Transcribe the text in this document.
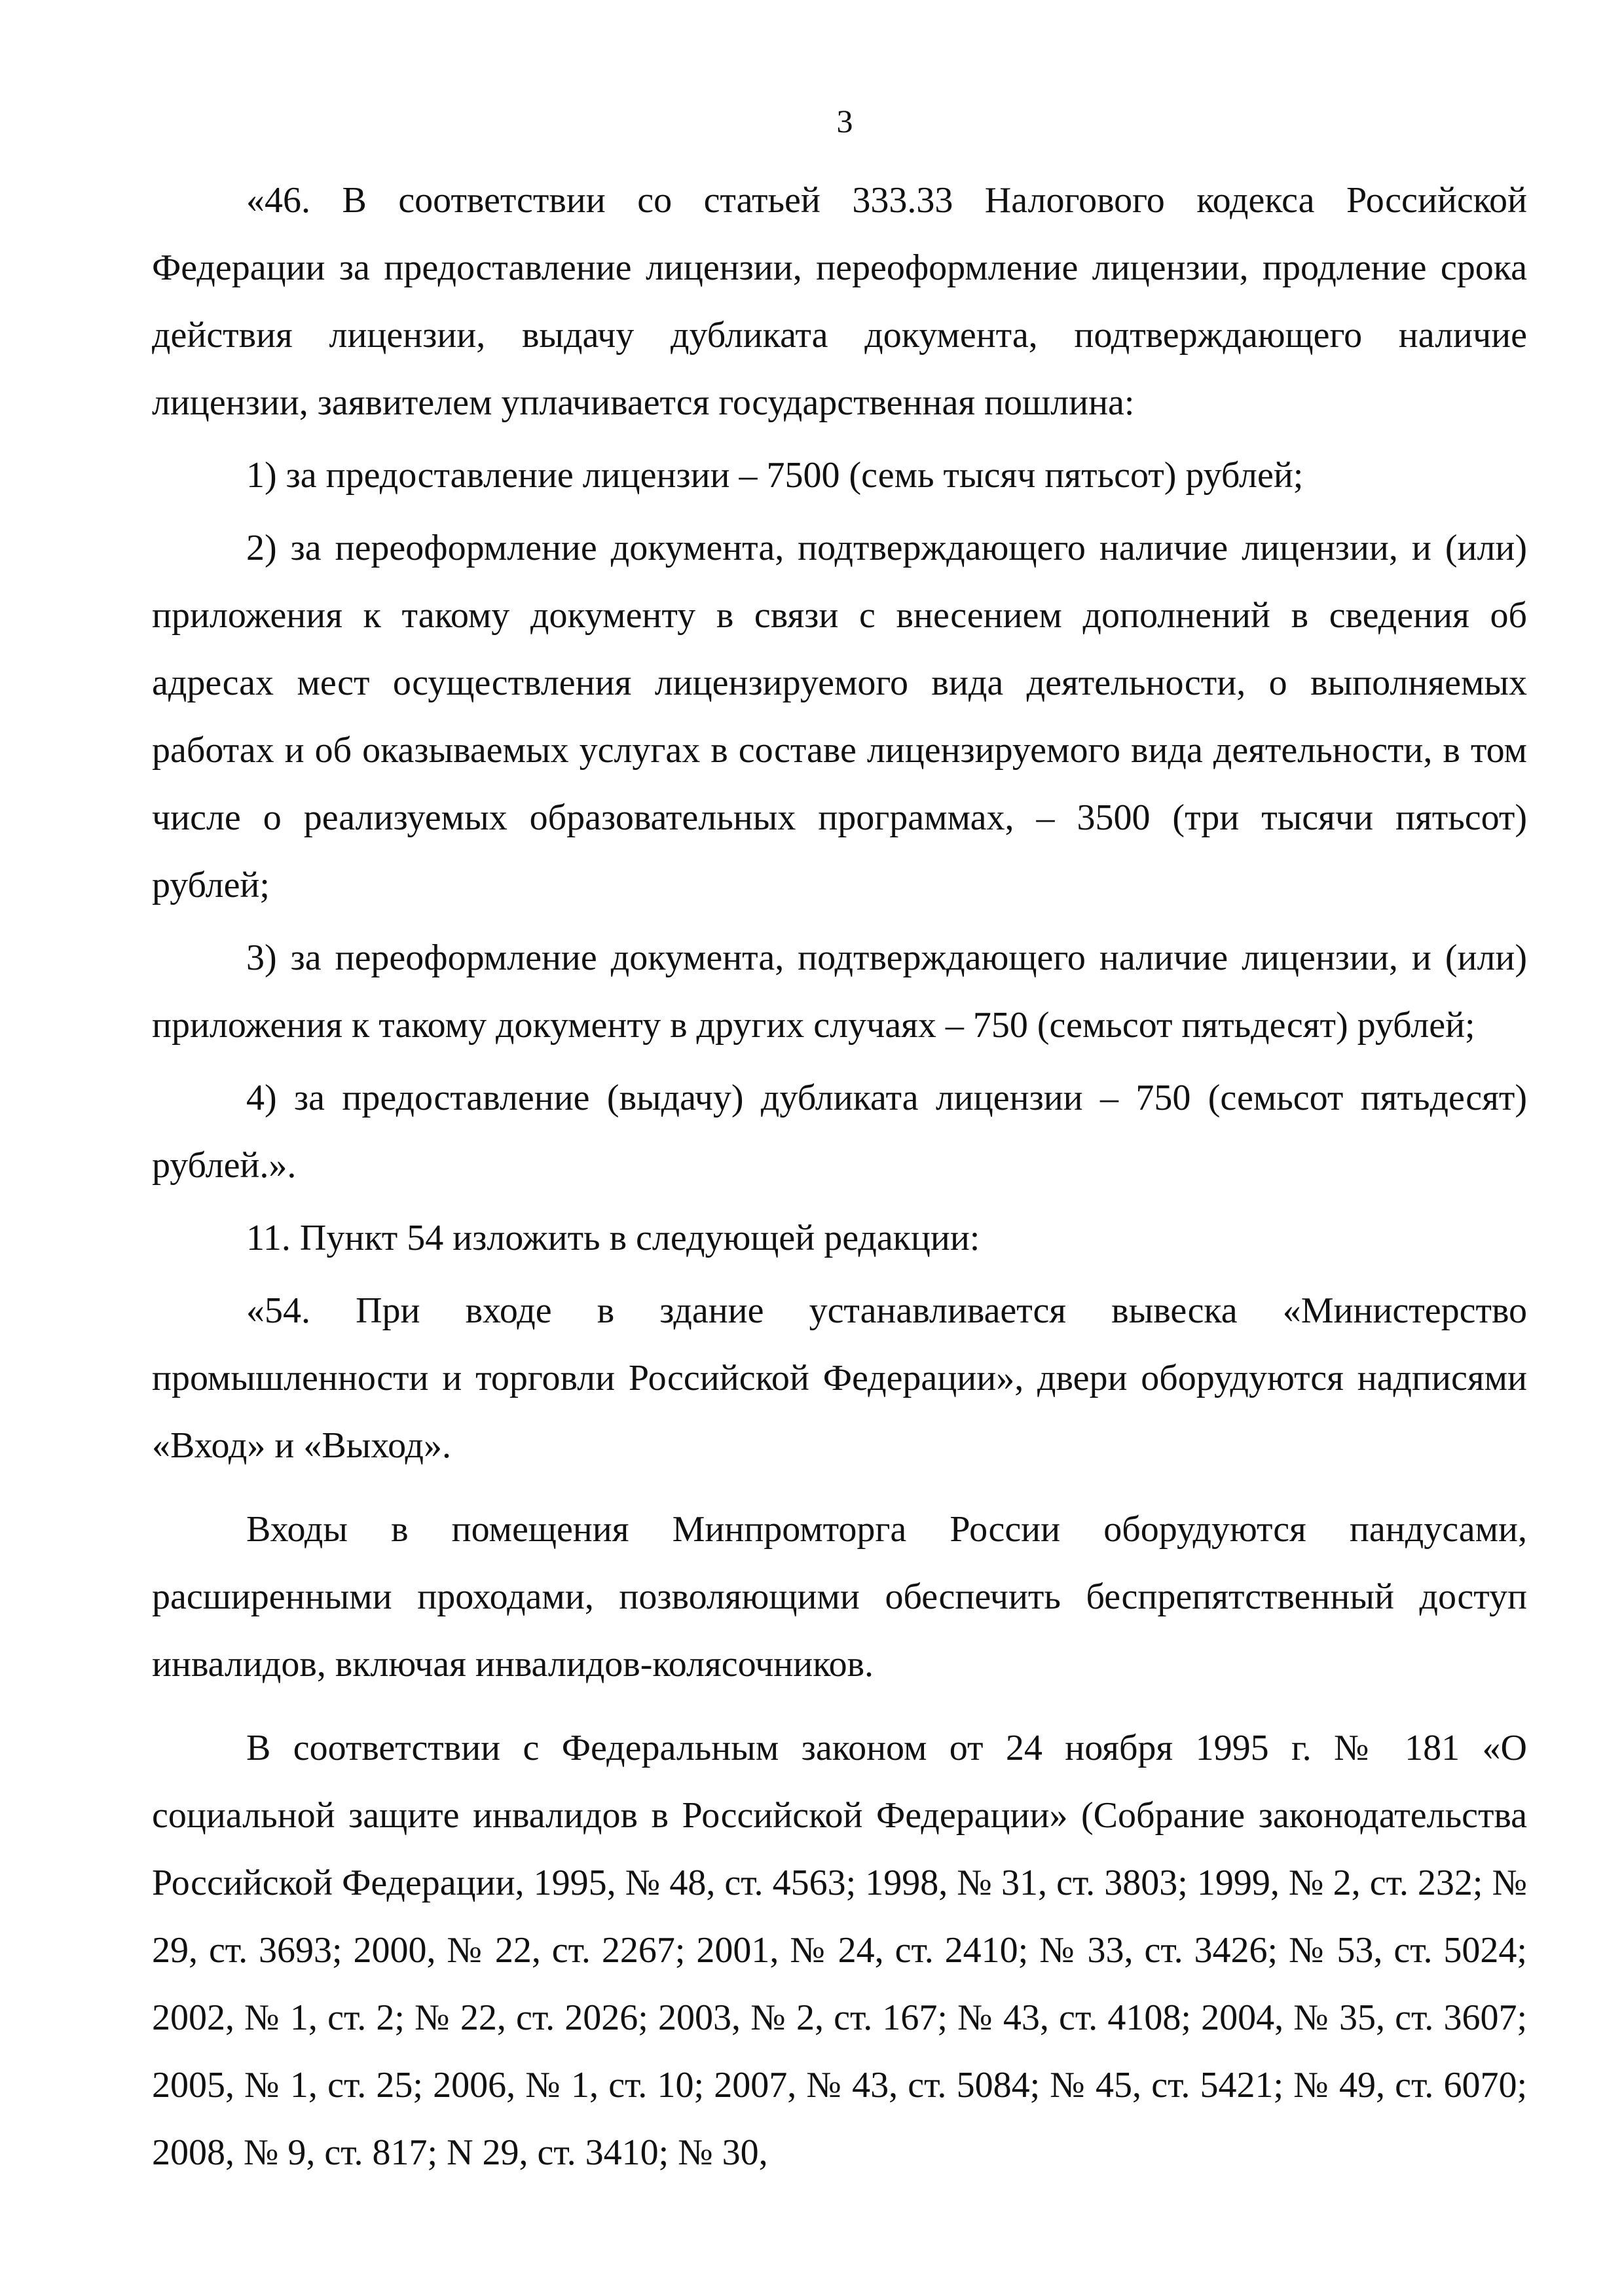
3

«46. В соответствии со статьей 333.33 Налогового кодекса Российской Федерации за предоставление лицензии, переоформление лицензии, продление срока действия лицензии, выдачу дубликата документа, подтверждающего наличие лицензии, заявителем уплачивается государственная пошлина:

1) за предоставление лицензии – 7500 (семь тысяч пятьсот) рублей;

2) за переоформление документа, подтверждающего наличие лицензии, и (или) приложения к такому документу в связи с внесением дополнений в сведения об адресах мест осуществления лицензируемого вида деятельности, о выполняемых работах и об оказываемых услугах в составе лицензируемого вида деятельности, в том числе о реализуемых образовательных программах, – 3500 (три тысячи пятьсот) рублей;

3) за переоформление документа, подтверждающего наличие лицензии, и (или) приложения к такому документу в других случаях – 750 (семьсот пятьдесят) рублей;

4) за предоставление (выдачу) дубликата лицензии – 750 (семьсот пятьдесят) рублей.».

11. Пункт 54 изложить в следующей редакции:

«54. При входе в здание устанавливается вывеска «Министерство промышленности и торговли Российской Федерации», двери оборудуются надписями «Вход» и «Выход».

Входы в помещения Минпромторга России оборудуются пандусами, расширенными проходами, позволяющими обеспечить беспрепятственный доступ инвалидов, включая инвалидов-колясочников.

В соответствии с Федеральным законом от 24 ноября 1995 г. № 181 «О социальной защите инвалидов в Российской Федерации» (Собрание законодательства Российской Федерации, 1995, № 48, ст. 4563; 1998, № 31, ст. 3803; 1999, № 2, ст. 232; № 29, ст. 3693; 2000, № 22, ст. 2267; 2001, № 24, ст. 2410; № 33, ст. 3426; № 53, ст. 5024; 2002, № 1, ст. 2; № 22, ст. 2026; 2003, № 2, ст. 167; № 43, ст. 4108; 2004, № 35, ст. 3607; 2005, № 1, ст. 25; 2006, № 1, ст. 10; 2007, № 43, ст. 5084; № 45, ст. 5421; № 49, ст. 6070; 2008, № 9, ст. 817; N 29, ст. 3410; № 30,
